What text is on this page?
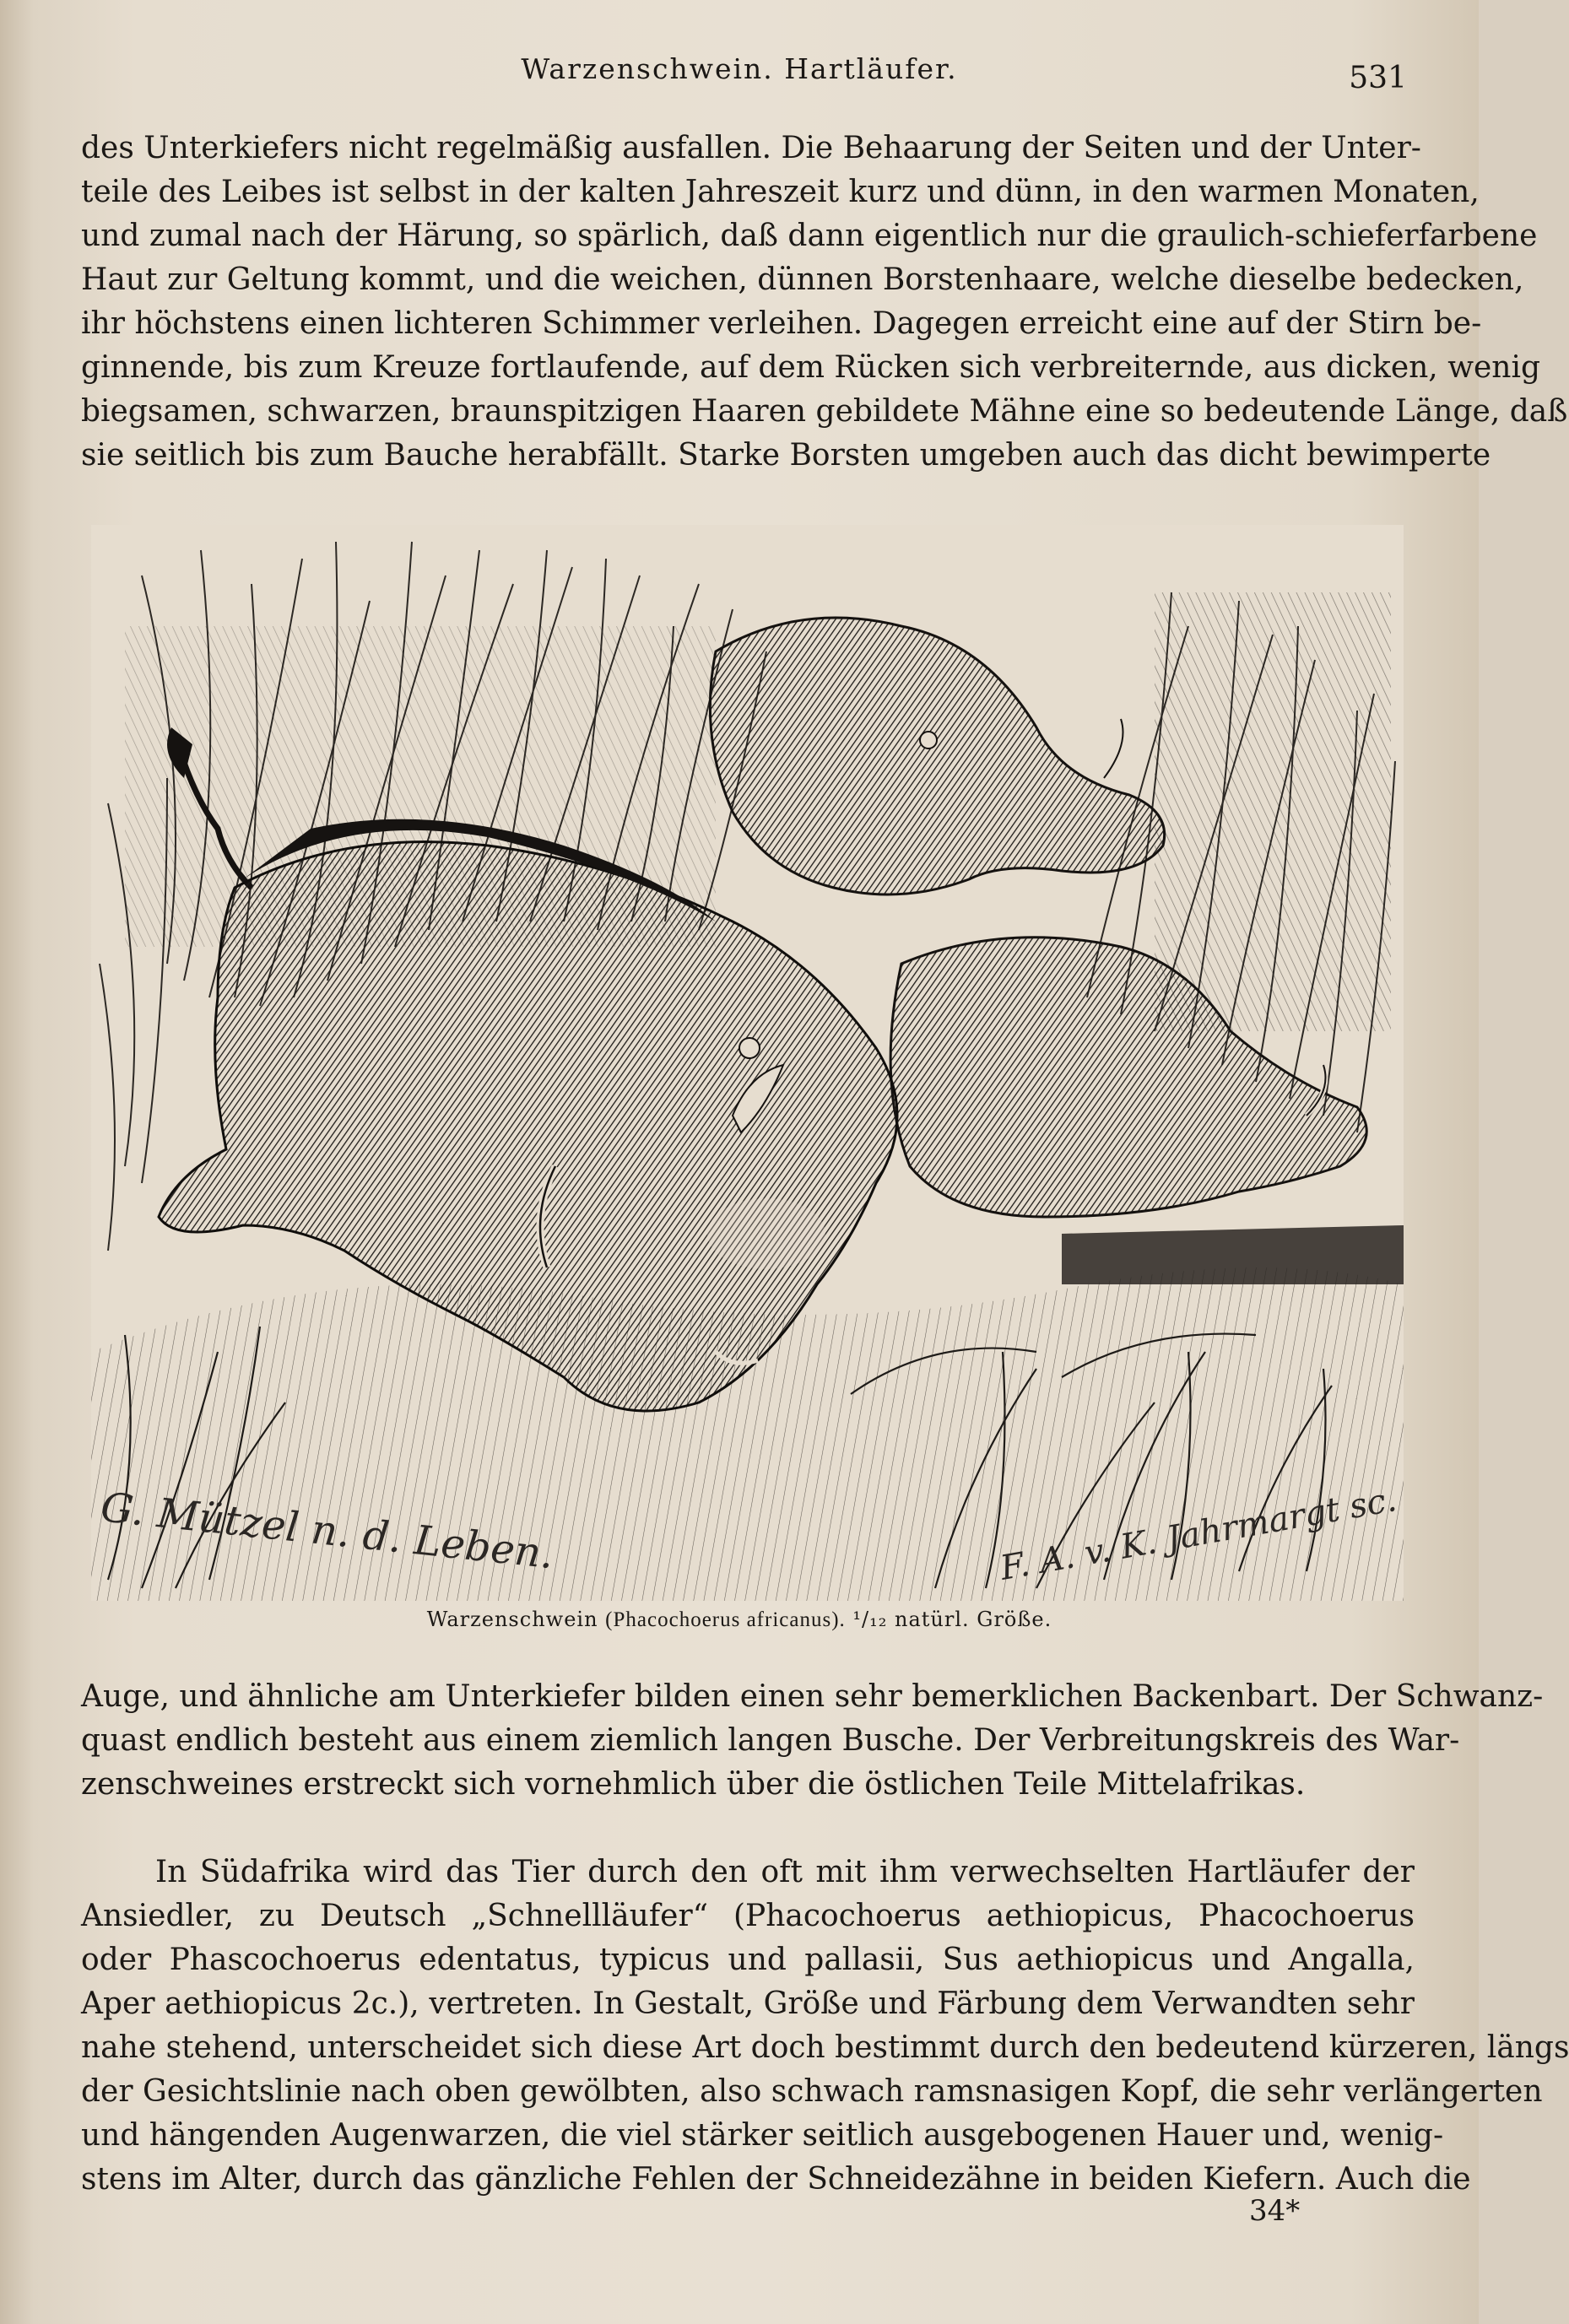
Warzenschwein. Hartläufer.	531
des Unterkiefers nicht regelmäßig ausfallen. Die Behaarung der Seiten und der Unter-
teile des Leibes ist selbst in der kalten Jahreszeit kurz und dünn, in den warmen Monaten,
und zumal nach der Härung, so spärlich, daß dann eigentlich nur die graulich-schieferfarbene
Haut zur Geltung kommt, und die weichen, dünnen Borstenhaare, welche dieselbe bedecken,
ihr höchstens einen lichteren Schimmer verleihen. Dagegen erreicht eine auf der Stirn be-
ginnende, bis zum Kreuze fortlaufende, auf dem Rücken sich verbreiternde, aus dicken, wenig
biegsamen, schwarzen, braunspitzigen Haaren gebildete Mähne eine so bedeutende Länge, daß
sie seitlich bis zum Bauche herabfällt. Starke Borsten umgeben auch das dicht bewimperte
G. Mützel n. d. Leben.	F. A. v. K. Jahrmargt sc.
Warzenschwein (Phacochoerus africanus). ¹/₁₂ natürl. Größe.
Auge, und ähnliche am Unterkiefer bilden einen sehr bemerklichen Backenbart. Der Schwanz-
quast endlich besteht aus einem ziemlich langen Busche. Der Verbreitungskreis des War-
zenschweines erstreckt sich vornehmlich über die östlichen Teile Mittelafrikas.
In Südafrika wird das Tier durch den oft mit ihm verwechselten Hartläufer der
Ansiedler, zu Deutsch „Schnellläufer“ (Phacochoerus aethiopicus, Phacochoerus
oder Phascochoerus edentatus, typicus und pallasii, Sus aethiopicus und Angalla,
Aper aethiopicus 2c.), vertreten. In Gestalt, Größe und Färbung dem Verwandten sehr
nahe stehend, unterscheidet sich diese Art doch bestimmt durch den bedeutend kürzeren, längs
der Gesichtslinie nach oben gewölbten, also schwach ramsnasigen Kopf, die sehr verlängerten
und hängenden Augenwarzen, die viel stärker seitlich ausgebogenen Hauer und, wenig-
stens im Alter, durch das gänzliche Fehlen der Schneidezähne in beiden Kiefern. Auch die
34*
